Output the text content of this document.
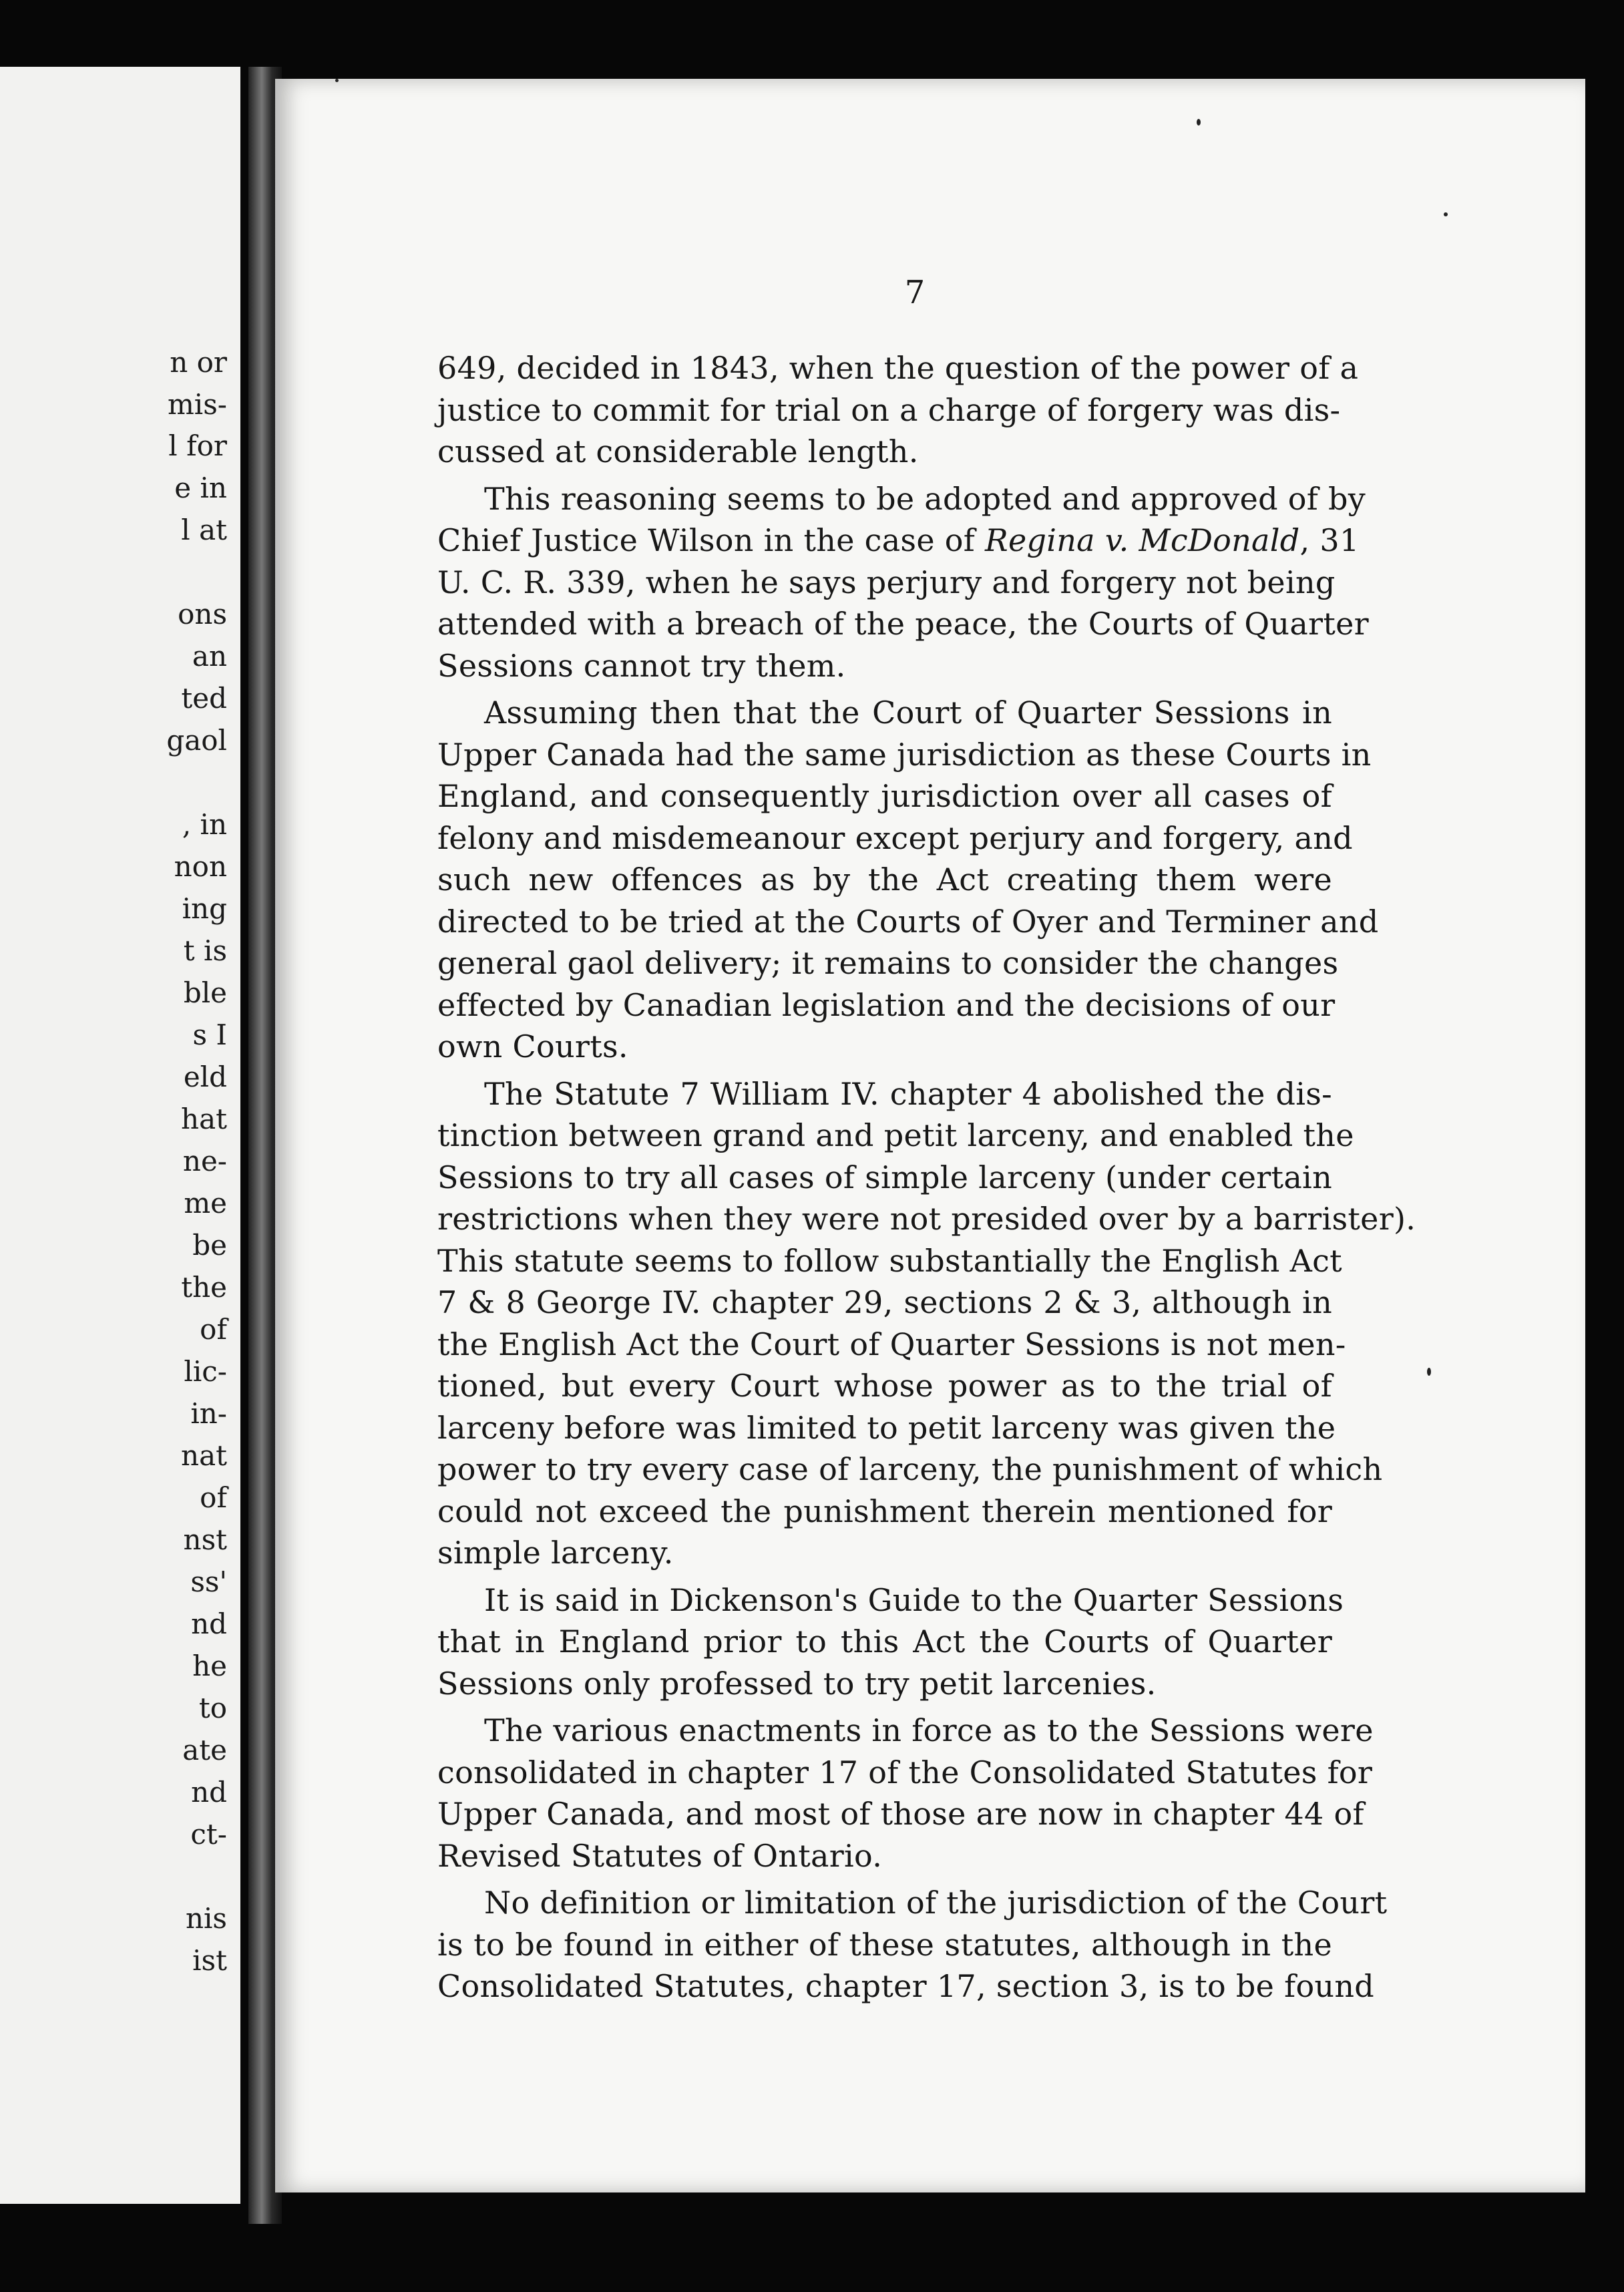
7
649, decided in 1843, when the question of the power of a
justice to commit for trial on a charge of forgery was dis-
cussed at considerable length.
This reasoning seems to be adopted and approved of by
Chief Justice Wilson in the case of Regina v. McDonald, 31
U. C. R. 339, when he says perjury and forgery not being
attended with a breach of the peace, the Courts of Quarter
Sessions cannot try them.
Assuming then that the Court of Quarter Sessions in
Upper Canada had the same jurisdiction as these Courts in
England, and consequently jurisdiction over all cases of
felony and misdemeanour except perjury and forgery, and
such new offences as by the Act creating them were
directed to be tried at the Courts of Oyer and Terminer and
general gaol delivery; it remains to consider the changes
effected by Canadian legislation and the decisions of our
own Courts.
The Statute 7 William IV. chapter 4 abolished the dis-
tinction between grand and petit larceny, and enabled the
Sessions to try all cases of simple larceny (under certain
restrictions when they were not presided over by a barrister).
This statute seems to follow substantially the English Act
7 & 8 George IV. chapter 29, sections 2 & 3, although in
the English Act the Court of Quarter Sessions is not men-
tioned, but every Court whose power as to the trial of
larceny before was limited to petit larceny was given the
power to try every case of larceny, the punishment of which
could not exceed the punishment therein mentioned for
simple larceny.
It is said in Dickenson's Guide to the Quarter Sessions
that in England prior to this Act the Courts of Quarter
Sessions only professed to try petit larcenies.
The various enactments in force as to the Sessions were
consolidated in chapter 17 of the Consolidated Statutes for
Upper Canada, and most of those are now in chapter 44 of
Revised Statutes of Ontario.
No definition or limitation of the jurisdiction of the Court
is to be found in either of these statutes, although in the
Consolidated Statutes, chapter 17, section 3, is to be found
n or
mis-
l for
e in
l at
ons
an
ted
gaol
, in
non
ing
t is
ble
s I
eld
hat
ne-
me
be
the
of
lic-
in-
nat
of
nst
ss'
nd
he
to
ate
nd
ct-
nis
ist
